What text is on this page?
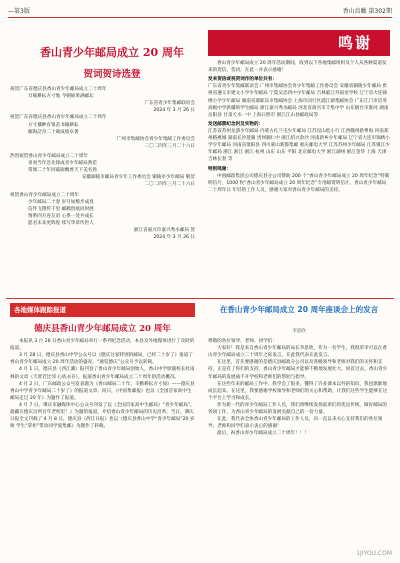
—第3版	香山鳥瞰 第302期
香山青少年邮局成立 20 周年
贺词贺诗选登
祝贺广东省德庆县香山青少年邮局成立二十周年
廿载耕耘方寸地 今朝硕果满邮坛
广东省青少年集邮联谊会
2024 年 3 月 26 日
祝贺广东省德庆县香山青少年邮局成立二十周年
方寸播种育雏苗书翰耕耘
邮海泛舟二十载成绩卓著
广州市集邮协会青少年集邮工作委员会
二〇二四年三月二十六日
热烈祝贺香山青少年邮局成立二十周年
喜看当年急先锋成青少年邮局典范
常闻二十年同砥砺飘香天下美名扬
安徽铜陵市邮局青少年工作委员会 铜陵市少年邮局 敬贺
二〇二四年三月二十六日
祝贺香山青少年邮局成立二十周年
少年邮局二十春 岁月如梭步成真
信件飞翔传千里 邮戳留痕同时展
情系四方连友谊 心系一处共成长
愿君未来更辉煌 续写华章传世人
浙江省嘉兴市嘉兴秀水邮局 贺
2024 年 3 月 26 日
鸣谢
香山青少年邮局成立 20 周年活动期间，收到以下各地集邮组织及个人从各种渠道发来的贺信、贺词，在此一并表示感谢！
发来贺信或祝贺词作的单位共有：
广东省青少年集邮联谊会 广州市集邮协会青少年集邮工作委员会 安徽省铜陵少年邮局 贵州省遵义市建文小学少年邮局 宁夏吴忠四中少年邮局 吉林临江外国语学校 辽宁省大连锦绣小学少年邮局 湖南省耶耶乐市集邮协会 上海市闵行区浦江镇集邮协会 广东江门市培英高级中学新疆班学生邮局 浙江嘉兴秀水邮局 河北省商宫市丰集中学 山东烟台市淮河 湖南岳阳县 甘肃天水一中 上海日照市 浙江江山县邮政局等
发送邮票纪念封及实物的：
江苏省苏州龙游少年邮局 内蒙古扎兰屯少年邮局 江苏昆山低小行 江西赣州新粤海 河南郑州路惠城 湖南长沙莲湖 贵州铜仁中 浙江绍兴余沙 河南新乡少年邮局 辽宁省大连市锦绣小学少年邮局 河南省淮阳县 四川蒙山新都集邮 重庆邮电大学 江苏苏州少年邮局 江苏镇江少年邮局 浙江 浙江 浙江 杭州 山东 山东 平阳 北京邮电大学 浙江湖州 浙江金华 上海 天津 吉林长春 等
特别鸣谢：
中国邮政集团公司德庆县分公司赞助 200 个“香山青少年邮局成立 20 周年纪念”特制明信片，1000 枚“香山青少年邮局成立 20 周年纪念”专用邮资明信片。香山青少年邮局二十周年日 年轻的工作人员，感谢大家对香山青少年邮局的支持。
各地媒体跟踪报道
德庆县香山青少年邮局成立 20 周年
本报讯 3 月 26 日香山青少年邮局举行一系列纪念活动，本县及外地媒体进行了及时的报道。
3 月 28 日，德庆县香山中学公众号以《德庆这家特别的邮局，已经二十岁了》报道了香山青少年邮局成立 20 周年活动的盛况，“通览德庆”公众号予以转载。
4 月 1 日，德庆县《西江潮》报刊登了香山青少年邮局创始人，香山中学原副校长杜南林的文章《天涯若比邻 心底永存》，报道香山青少年邮局成立二十周年的活动概况。
4 月 2 日，广东邮政公众号发表题为《香山邮局二十年，辛勤耕耘方寸间》——德庆县香山中学青少年邮局二十岁了》的报道文章。同日，《中国集邮报》也以《全国首家高中生邮局走过 20 年》为题作了报道。
4 月 7 日，肇庆市融媒体中心公众号刊发了以《全国首家高中生邮局》“青少年邮局”。就藏在德庆这所百年老校里！》为题的报道，介绍香山青少年邮局的历史沿革。当日，肇庆日报全文刊载了 4 月 8 日，德庆县《西江日报》也以《德庆县香山中学“青少年邮局”20 岁啦 学生“掌柜”带动同学爱集邮》为题作了转载。
在香山青少年邮局成立 20 周年座谈会上的发言
李思欣
尊敬的各位领导、老师、同学们：
大家好！我是来自香山青少年邮局的局长李思欣，作为一名学生，我很荣幸可以在香山青少年邮局成立二十周年之际发言，在此我代表在此发言。
在这里，首先要感谢的是德庆县邮政分公司以及各级领导和老师对我们的关怀和支持，正是有了你们的支持，香山青少年邮局才能够不断地发展壮大。回首过去，香山青少年邮局的发展离不开学校和老师们的帮助与指导。
在这些年来的邮局工作中，我学会了很多，懂得了许多课本以外的知识，我也渐渐地成长起来。在这里，我要感谢学校领导和老师们的关心和帮助，让我们这些学生能够在这个平台上学习和成长。
作为新一代的青少年邮局工作人员，我们将继续发扬前辈们的优良传统，做好邮局的各项工作，为香山青少年邮局的发展贡献自己的一份力量。
在此，我代表全体香山青少年邮局的工作人员，向一直以来关心支持我们的各位领导、老师和同学们表示衷心的感谢！
最后，祝香山青少年邮局成立二十周年！！！
1JIYOU.COM
